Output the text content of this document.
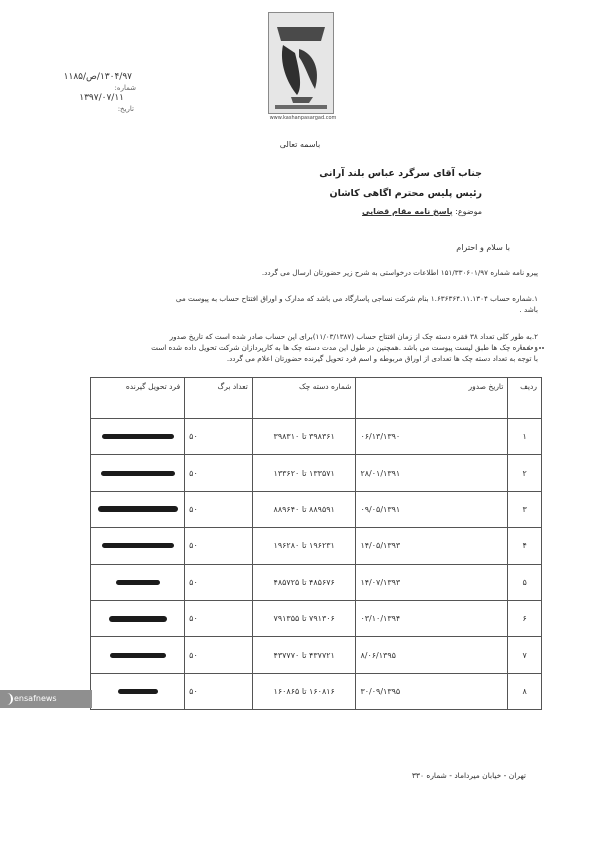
www.kashanpasargad.com
۱۳۰۴/۹۷/ص/۱۱۸۵
شماره:
۱۳۹۷/۰۷/۱۱
تاریخ:
باسمه تعالی
جناب آقای سرگرد عباس بلند آرانی
رئیس پلیس محترم اگاهی کاشان
موضوع: پاسخ نامه مقام قضایی
با سلام و احترام
پیرو نامه شماره ۱۵۱/۳۳۰۶۰۱/۹۷ اطلاعات درخواستی به شرح زیر حضورتان ارسال می گردد.
۱.شماره حساب ۱.۶۳۶۳۶۴.۱۱.۱۳۰۴ بنام شرکت نساجی پاسارگاد می باشد که مدارک و اوراق افتتاح حساب به پیوست می
باشد .
۲.به طور کلی تعداد ۳۸ فقره دسته چک از زمان افتتاح حساب (۱۱/۰۳/۱۳۸۷)برای این حساب صادر شده است که تاریخ صدور
و شماره چک ها طبق لیست پیوست می باشد .همچنین در طول این مدت دسته چک ها به کارپردازان شرکت تحویل داده شده است
با توجه به تعداد دسته چک ها تعدادی از اوراق مربوطه و اسم فرد تحویل گیرنده حضورتان اعلام می گردد.
ردیف	تاریخ صدور	شماره دسته چک	تعداد برگ	فرد تحویل گیرنده
۱	۰۶/۱۳/۱۳۹۰	۳۹۸۳۶۱ تا ۳۹۸۳۱۰	۵۰	

۲	۲۸/۰۱/۱۳۹۱	۱۳۳۵۷۱ تا ۱۳۳۶۲۰	۵۰	

۳	۰۹/۰۵/۱۳۹۱	۸۸۹۵۹۱ تا ۸۸۹۶۴۰	۵۰	

۴	۱۴/۰۵/۱۳۹۳	۱۹۶۲۳۱ تا ۱۹۶۲۸۰	۵۰	

۵	۱۴/۰۷/۱۳۹۳	۴۸۵۶۷۶ تا ۴۸۵۷۲۵	۵۰	

۶	۰۳/۱۰/۱۳۹۴	۷۹۱۳۰۶ تا ۷۹۱۳۵۵	۵۰	

۷	۸/۰۶/۱۳۹۵	۴۳۷۷۲۱ تا ۴۳۷۷۷۰	۵۰	

۸	۳۰/۰۹/۱۳۹۵	۱۶۰۸۱۶ تا ۱۶۰۸۶۵	۵۰	
تهران - خیابان میرداماد - شماره ۳۳۰
ensafnews
